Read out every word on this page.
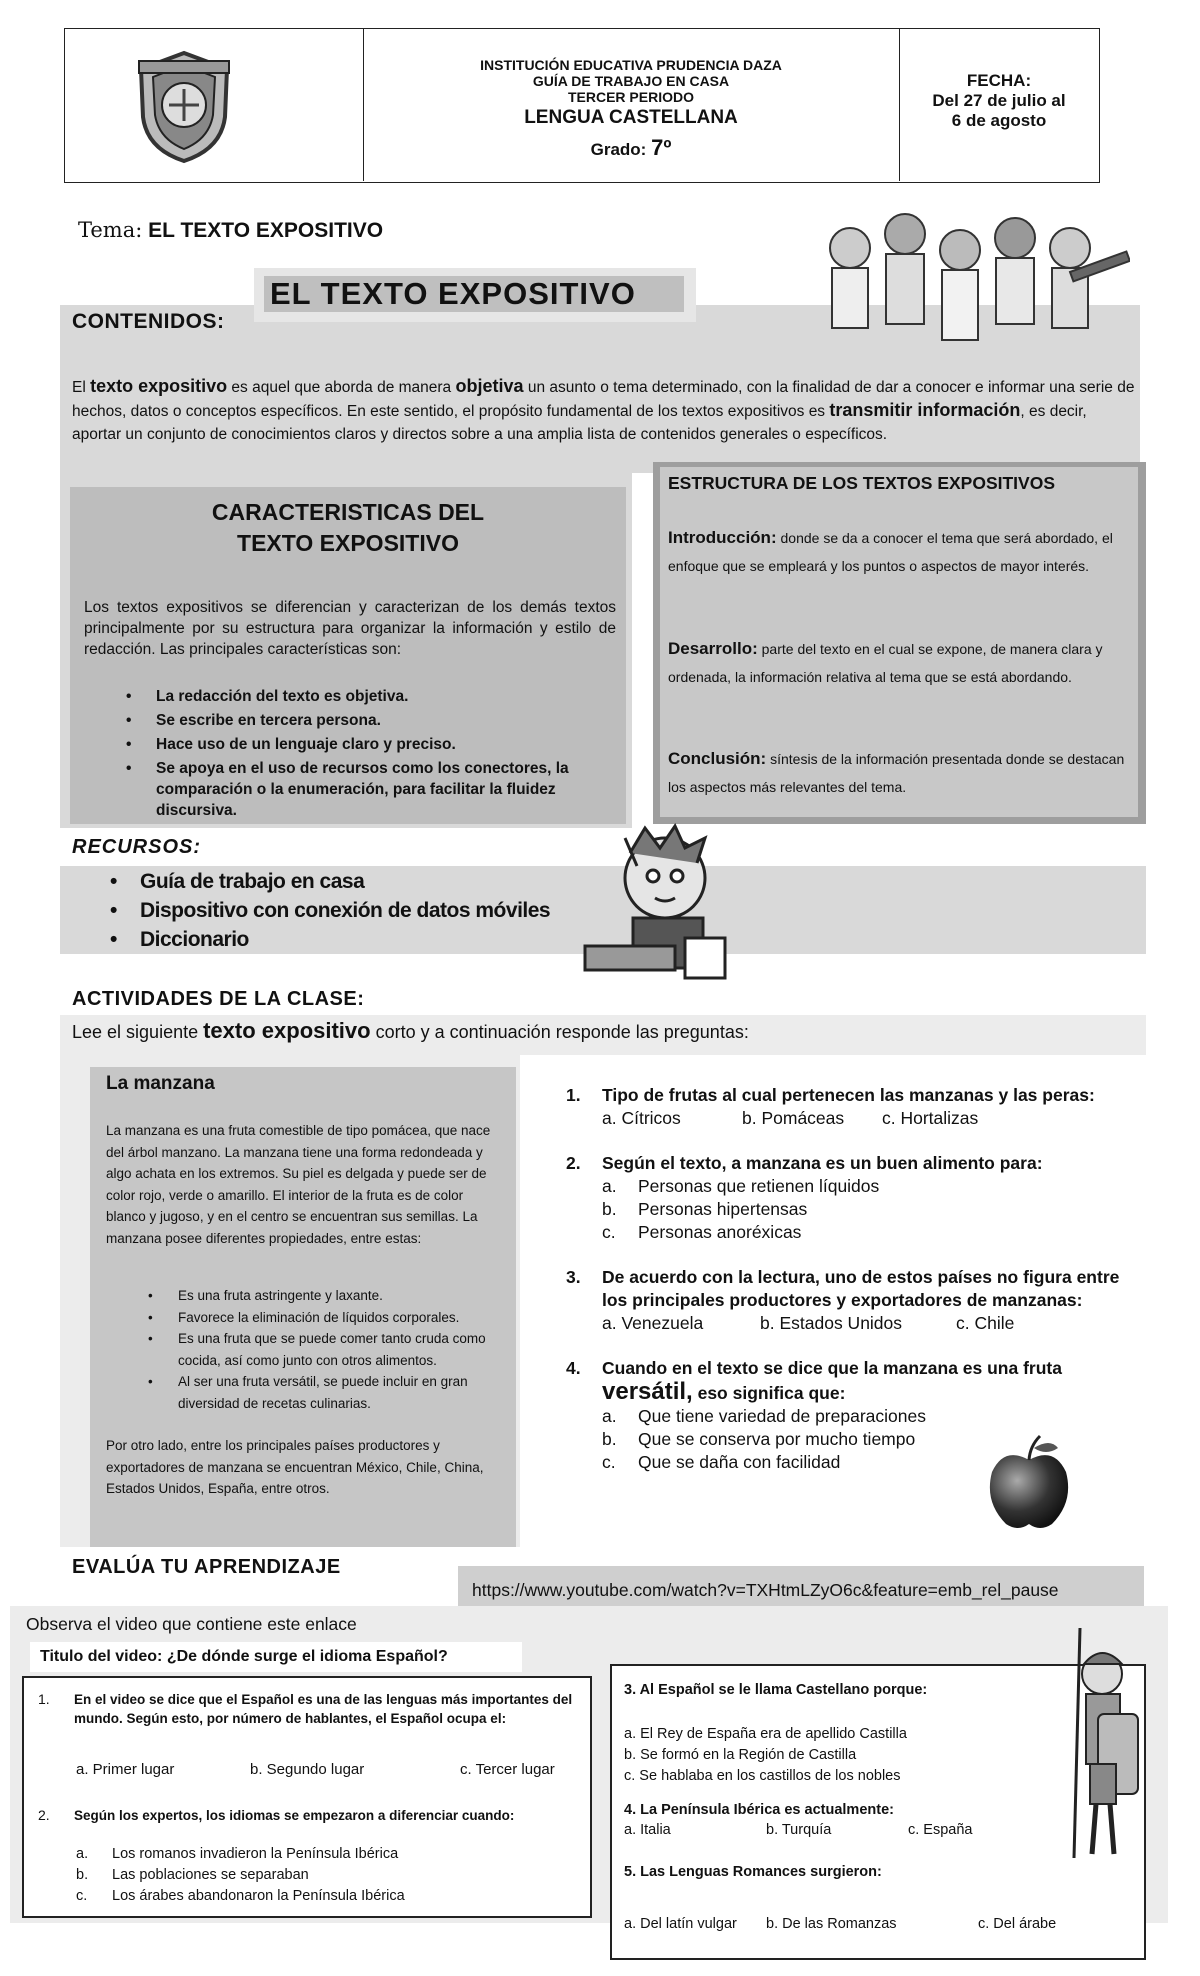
INSTITUCIÓN EDUCATIVA PRUDENCIA DAZA
GUÍA DE TRABAJO EN CASA
TERCER PERIODO
LENGUA CASTELLANA
Grado: 7º
FECHA:
Del 27 de julio al
6 de agosto
Tema: EL TEXTO EXPOSITIVO
CONTENIDOS:
EL TEXTO EXPOSITIVO
El texto expositivo es aquel que aborda de manera objetiva un asunto o tema determinado, con la finalidad de dar a conocer e informar una serie de hechos, datos o conceptos específicos. En este sentido, el propósito fundamental de los textos expositivos es transmitir información, es decir, aportar un conjunto de conocimientos claros y directos sobre a una amplia lista de contenidos generales o específicos.
CARACTERISTICAS DEL
TEXTO EXPOSITIVO
Los textos expositivos se diferencian y caracterizan de los demás textos principalmente por su estructura para organizar la información y estilo de redacción. Las principales características son:
• La redacción del texto es objetiva.
• Se escribe en tercera persona.
• Hace uso de un lenguaje claro y preciso.
• Se apoya en el uso de recursos como los conectores, la comparación o la enumeración, para facilitar la fluidez discursiva.
ESTRUCTURA DE LOS TEXTOS EXPOSITIVOS
Introducción: donde se da a conocer el tema que será abordado, el enfoque que se empleará y los puntos o aspectos de mayor interés.
Desarrollo: parte del texto en el cual se expone, de manera clara y ordenada, la información relativa al tema que se está abordando.
Conclusión: síntesis de la información presentada donde se destacan los aspectos más relevantes del tema.
RECURSOS:
• Guía de trabajo en casa
• Dispositivo con conexión de datos móviles
• Diccionario
ACTIVIDADES DE LA CLASE:
Lee el siguiente texto expositivo corto y a continuación responde las preguntas:
La manzana
La manzana es una fruta comestible de tipo pomácea, que nace del árbol manzano. La manzana tiene una forma redondeada y algo achata en los extremos. Su piel es delgada y puede ser de color rojo, verde o amarillo. El interior de la fruta es de color blanco y jugoso, y en el centro se encuentran sus semillas. La manzana posee diferentes propiedades, entre estas:
• Es una fruta astringente y laxante.
• Favorece la eliminación de líquidos corporales.
• Es una fruta que se puede comer tanto cruda como cocida, así como junto con otros alimentos.
• Al ser una fruta versátil, se puede incluir en gran diversidad de recetas culinarias.
Por otro lado, entre los principales países productores y exportadores de manzana se encuentran México, Chile, China, Estados Unidos, España, entre otros.
1.	Tipo de frutas al cual pertenecen las manzanas y las peras:
a. Cítricos	b. Pomáceas c. Hortalizas
2.	Según el texto, a manzana es un buen alimento para:
a. Personas que retienen líquidos
b. Personas hipertensas
c. Personas anoréxicas
3.	De acuerdo con la lectura, uno de estos países no figura entre los principales productores y exportadores de manzanas:
a. Venezuela	b. Estados Unidos	c. Chile
4.	Cuando en el texto se dice que la manzana es una fruta
versátil, eso significa que:
a. Que tiene variedad de preparaciones
b. Que se conserva por mucho tiempo
c. Que se daña con facilidad
EVALÚA TU APRENDIZAJE
https://www.youtube.com/watch?v=TXHtmLZyO6c&feature=emb_rel_pause
Observa el video que contiene este enlace
Titulo del video: ¿De dónde surge el idioma Español?
1.	En el video se dice que el Español es una de las lenguas más importantes del mundo. Según esto, por número de hablantes, el Español ocupa el:
a. Primer lugar	b. Segundo lugar	c. Tercer lugar
2.	Según los expertos, los idiomas se empezaron a diferenciar cuando:
a. Los romanos invadieron la Península Ibérica
b. Las poblaciones se separaban
c. Los árabes abandonaron la Península Ibérica
3. Al Español se le llama Castellano porque:
a. El Rey de España era de apellido Castilla
b. Se formó en la Región de Castilla
c. Se hablaba en los castillos de los nobles
4. La Península Ibérica es actualmente:
a. Italia	b. Turquía	c. España
5. Las Lenguas Romances surgieron:
a. Del latín vulgar b. De las Romanzas	c. Del árabe
